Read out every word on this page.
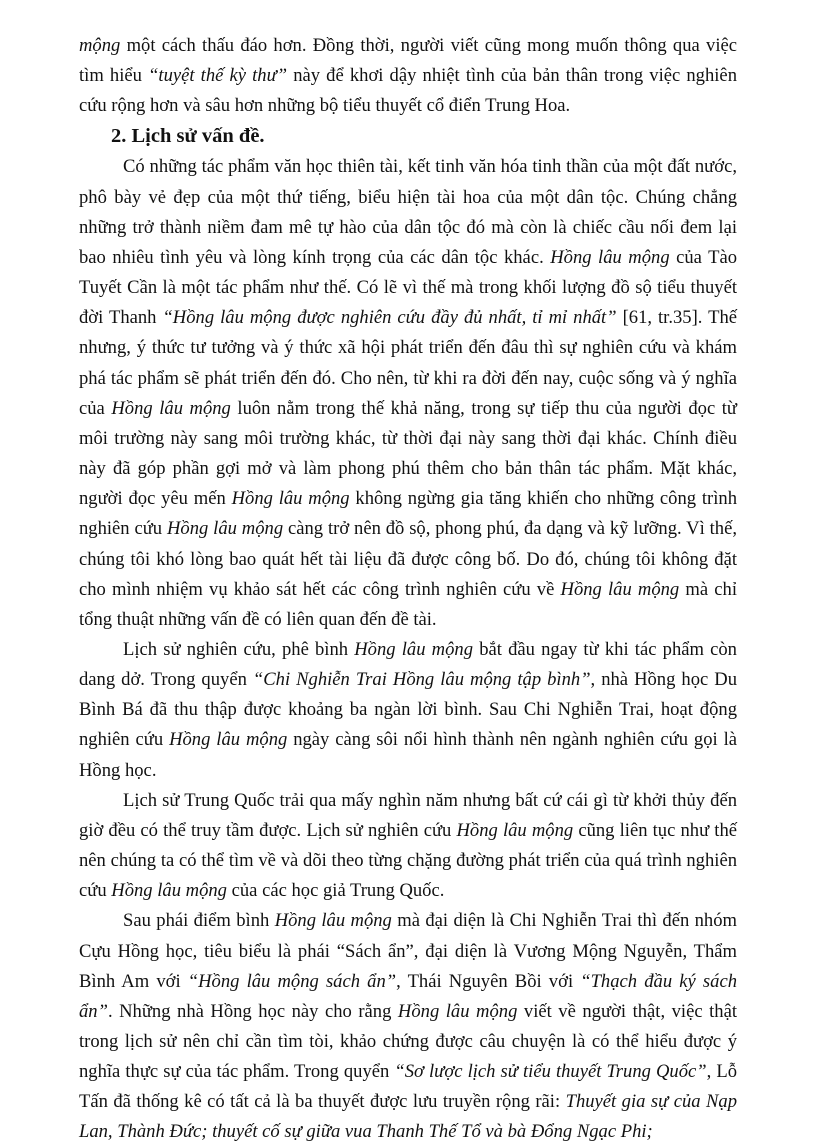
mộng một cách thấu đáo hơn. Đồng thời, người viết cũng mong muốn thông qua việc tìm hiểu “tuyệt thế kỳ thư” này để khơi dậy nhiệt tình của bản thân trong việc nghiên cứu rộng hơn và sâu hơn những bộ tiểu thuyết cổ điển Trung Hoa.

2. Lịch sử vấn đề.

Có những tác phẩm văn học thiên tài, kết tinh văn hóa tinh thần của một đất nước, phô bày vẻ đẹp của một thứ tiếng, biểu hiện tài hoa của một dân tộc. Chúng chẳng những trở thành niềm đam mê tự hào của dân tộc đó mà còn là chiếc cầu nối đem lại bao nhiêu tình yêu và lòng kính trọng của các dân tộc khác. Hồng lâu mộng của Tào Tuyết Cần là một tác phẩm như thế. Có lẽ vì thế mà trong khối lượng đồ sộ tiểu thuyết đời Thanh “Hồng lâu mộng được nghiên cứu đầy đủ nhất, tỉ mỉ nhất” [61, tr.35]. Thế nhưng, ý thức tư tưởng và ý thức xã hội phát triển đến đâu thì sự nghiên cứu và khám phá tác phẩm sẽ phát triển đến đó. Cho nên, từ khi ra đời đến nay, cuộc sống và ý nghĩa của Hồng lâu mộng luôn nằm trong thế khả năng, trong sự tiếp thu của người đọc từ môi trường này sang môi trường khác, từ thời đại này sang thời đại khác. Chính điều này đã góp phần gợi mở và làm phong phú thêm cho bản thân tác phẩm. Mặt khác, người đọc yêu mến Hồng lâu mộng không ngừng gia tăng khiến cho những công trình nghiên cứu Hồng lâu mộng càng trở nên đồ sộ, phong phú, đa dạng và kỹ lưỡng. Vì thế, chúng tôi khó lòng bao quát hết tài liệu đã được công bố. Do đó, chúng tôi không đặt cho mình nhiệm vụ khảo sát hết các công trình nghiên cứu về Hồng lâu mộng mà chỉ tổng thuật những vấn đề có liên quan đến đề tài.

Lịch sử nghiên cứu, phê bình Hồng lâu mộng bắt đầu ngay từ khi tác phẩm còn dang dở. Trong quyển “Chi Nghiễn Trai Hồng lâu mộng tập bình”, nhà Hồng học Du Bình Bá đã thu thập được khoảng ba ngàn lời bình. Sau Chi Nghiễn Trai, hoạt động nghiên cứu Hồng lâu mộng ngày càng sôi nổi hình thành nên ngành nghiên cứu gọi là Hồng học.

Lịch sử Trung Quốc trải qua mấy nghìn năm nhưng bất cứ cái gì từ khởi thủy đến giờ đều có thể truy tầm được. Lịch sử nghiên cứu Hồng lâu mộng cũng liên tục như thế nên chúng ta có thể tìm về và dõi theo từng chặng đường phát triển của quá trình nghiên cứu Hồng lâu mộng của các học giả Trung Quốc.

Sau phái điểm bình Hồng lâu mộng mà đại diện là Chi Nghiễn Trai thì đến nhóm Cựu Hồng học, tiêu biểu là phái “Sách ẩn”, đại diện là Vương Mộng Nguyễn, Thẩm Bình Am với “Hồng lâu mộng sách ẩn”, Thái Nguyên Bồi với “Thạch đầu ký sách ẩn”. Những nhà Hồng học này cho rằng Hồng lâu mộng viết về người thật, việc thật trong lịch sử nên chỉ cần tìm tòi, khảo chứng được câu chuyện là có thể hiểu được ý nghĩa thực sự của tác phẩm. Trong quyển “Sơ lược lịch sử tiểu thuyết Trung Quốc”, Lỗ Tấn đã thống kê có tất cả là ba thuyết được lưu truyền rộng rãi: Thuyết gia sự của Nạp Lan, Thành Đức; thuyết cố sự giữa vua Thanh Thế Tổ và bà Đổng Ngạc Phi;
